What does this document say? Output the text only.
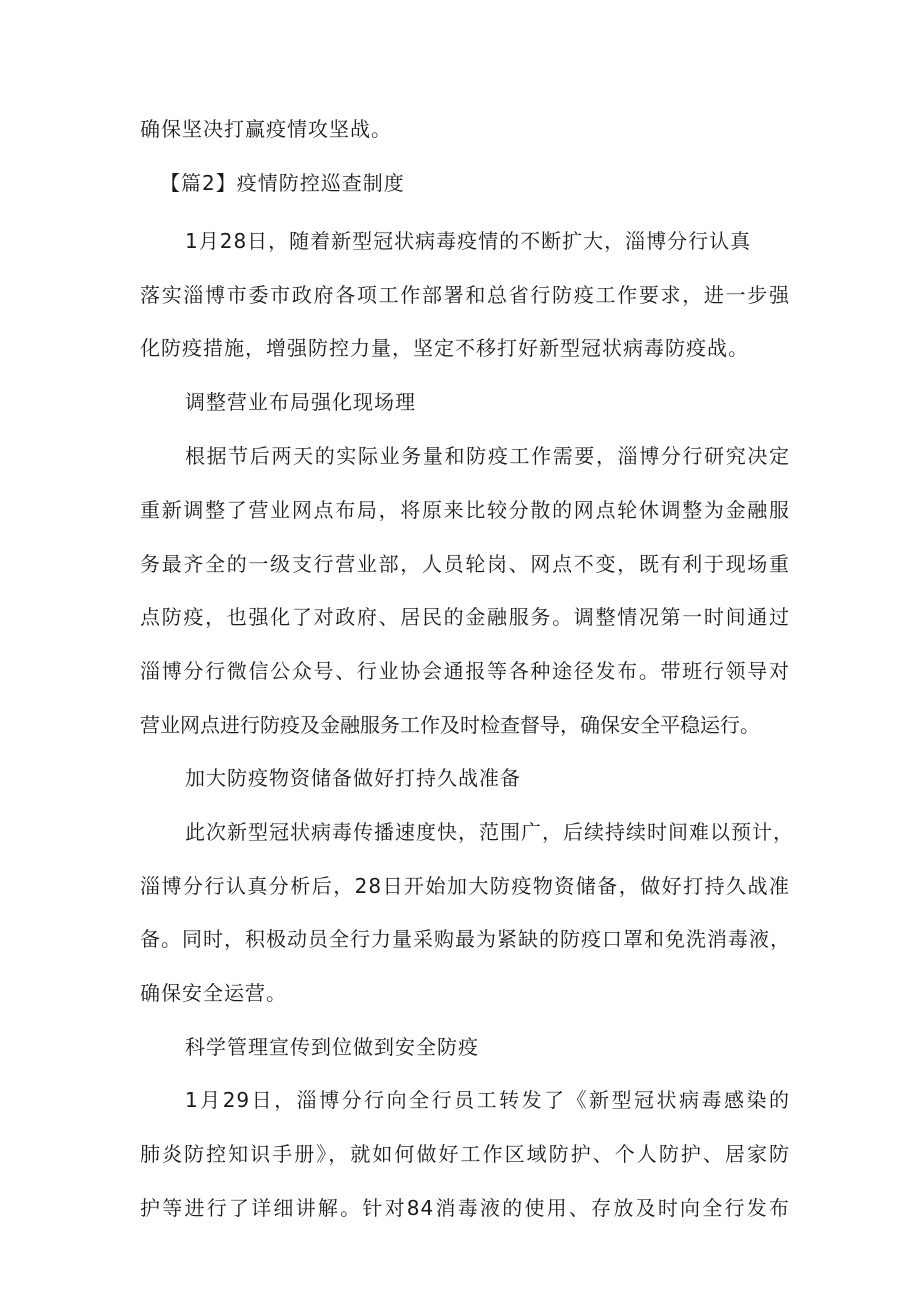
确保坚决打赢疫情攻坚战。
【篇2】疫情防控巡查制度
1月28日，随着新型冠状病毒疫情的不断扩大，淄博分行认真
落实淄博市委市政府各项工作部署和总省行防疫工作要求，进一步强
化防疫措施，增强防控力量，坚定不移打好新型冠状病毒防疫战。
调整营业布局强化现场理
根据节后两天的实际业务量和防疫工作需要，淄博分行研究决定
重新调整了营业网点布局，将原来比较分散的网点轮休调整为金融服
务最齐全的一级支行营业部，人员轮岗、网点不变，既有利于现场重
点防疫，也强化了对政府、居民的金融服务。调整情况第一时间通过
淄博分行微信公众号、行业协会通报等各种途径发布。带班行领导对
营业网点进行防疫及金融服务工作及时检查督导，确保安全平稳运行。
加大防疫物资储备做好打持久战准备
此次新型冠状病毒传播速度快，范围广，后续持续时间难以预计，
淄博分行认真分析后，28日开始加大防疫物资储备，做好打持久战准
备。同时，积极动员全行力量采购最为紧缺的防疫口罩和免洗消毒液，
确保安全运营。
科学管理宣传到位做到安全防疫
1月29日，淄博分行向全行员工转发了《新型冠状病毒感染的
肺炎防控知识手册》，就如何做好工作区域防护、个人防护、居家防
护等进行了详细讲解。针对84消毒液的使用、存放及时向全行发布
